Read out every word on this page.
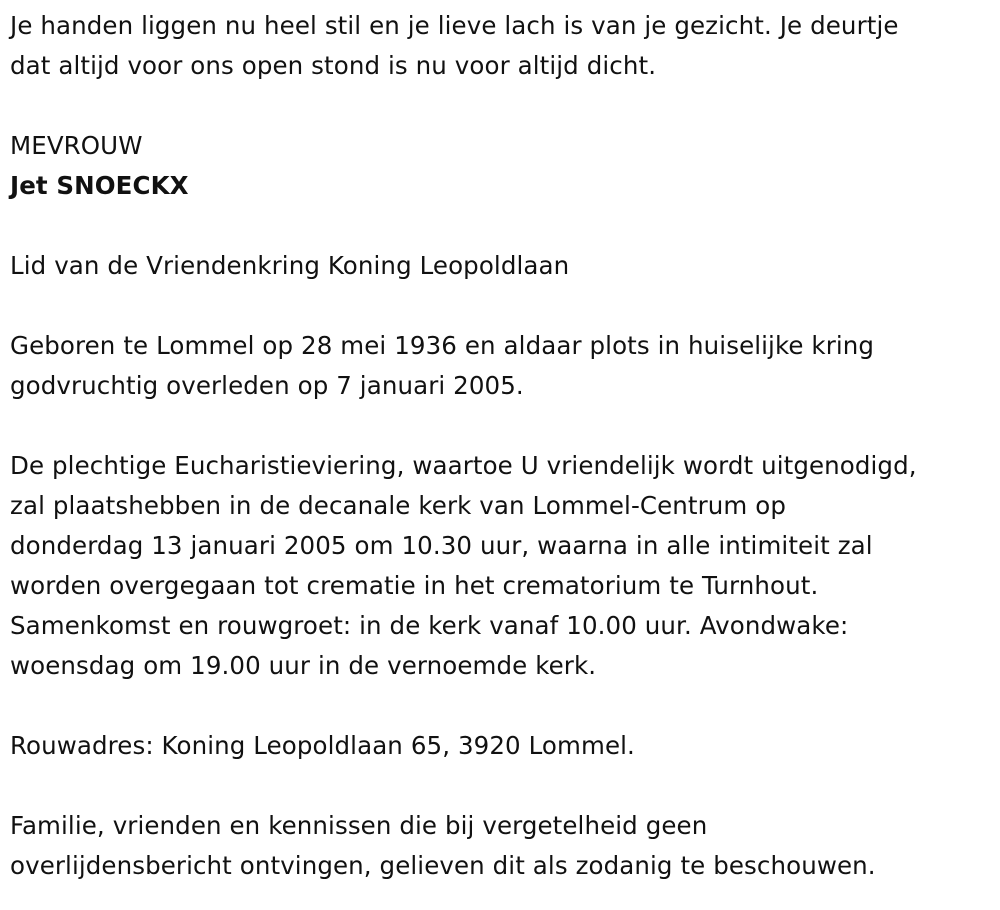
Je handen liggen nu heel stil en je lieve lach is van je gezicht. Je deurtje

dat altijd voor ons open stond is nu voor altijd dicht.

MEVROUW

Jet SNOECKX

Lid van de Vriendenkring Koning Leopoldlaan

Geboren te Lommel op 28 mei 1936 en aldaar plots in huiselijke kring

godvruchtig overleden op 7 januari 2005.

De plechtige Eucharistieviering, waartoe U vriendelijk wordt uitgenodigd,

zal plaatshebben in de decanale kerk van Lommel-Centrum op

donderdag 13 januari 2005 om 10.30 uur, waarna in alle intimiteit zal

worden overgegaan tot crematie in het crematorium te Turnhout.

Samenkomst en rouwgroet: in de kerk vanaf 10.00 uur. Avondwake:

woensdag om 19.00 uur in de vernoemde kerk.

Rouwadres: Koning Leopoldlaan 65, 3920 Lommel.

Familie, vrienden en kennissen die bij vergetelheid geen

overlijdensbericht ontvingen, gelieven dit als zodanig te beschouwen.
